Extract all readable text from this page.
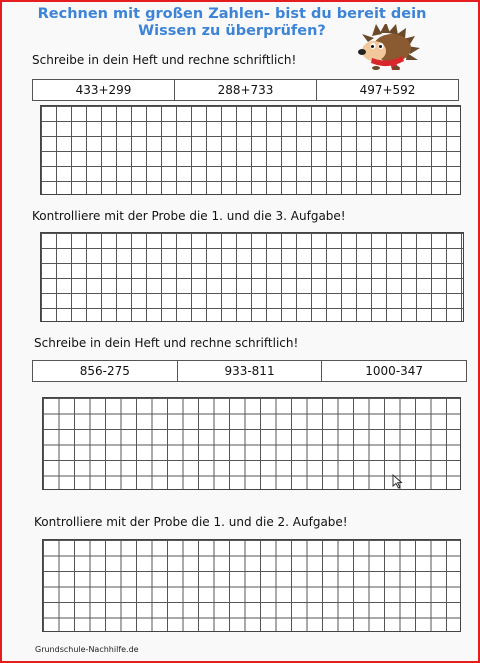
Rechnen mit großen Zahlen- bist du bereit dein Wissen zu überprüfen?
Schreibe in dein Heft und rechne schriftlich!
433+299	288+733	497+592
Kontrolliere mit der Probe die 1. und die 3. Aufgabe!
Schreibe in dein Heft und rechne schriftlich!
856-275	933-811	1000-347
Kontrolliere mit der Probe die 1. und die 2. Aufgabe!
Grundschule-Nachhilfe.de
